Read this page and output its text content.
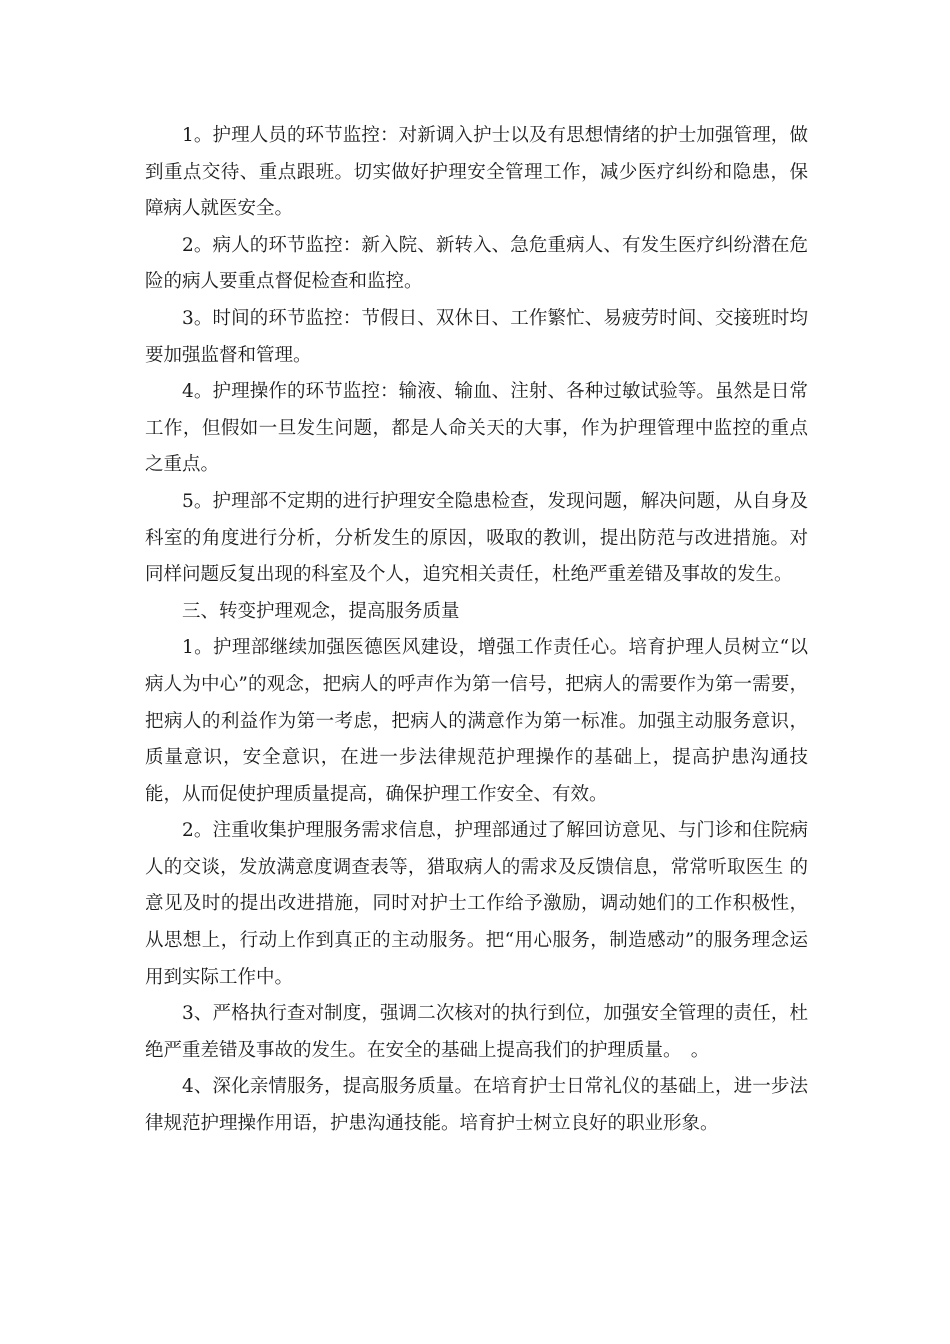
1。护理人员的环节监控：对新调入护士以及有思想情绪的护士加强管理，做到重点交待、重点跟班。切实做好护理安全管理工作，减少医疗纠纷和隐患，保障病人就医安全。

2。病人的环节监控：新入院、新转入、急危重病人、有发生医疗纠纷潜在危险的病人要重点督促检查和监控。

3。时间的环节监控：节假日、双休日、工作繁忙、易疲劳时间、交接班时均要加强监督和管理。

4。护理操作的环节监控：输液、输血、注射、各种过敏试验等。虽然是日常工作，但假如一旦发生问题，都是人命关天的大事，作为护理管理中监控的重点之重点。

5。护理部不定期的进行护理安全隐患检查，发现问题，解决问题，从自身及科室的角度进行分析，分析发生的原因，吸取的教训，提出防范与改进措施。对同样问题反复出现的科室及个人，追究相关责任，杜绝严重差错及事故的发生。

三、转变护理观念，提高服务质量

1。护理部继续加强医德医风建设，增强工作责任心。培育护理人员树立“以病人为中心”的观念，把病人的呼声作为第一信号，把病人的需要作为第一需要，把病人的利益作为第一考虑，把病人的满意作为第一标准。加强主动服务意识，质量意识，安全意识，在进一步法律规范护理操作的基础上，提高护患沟通技能，从而促使护理质量提高，确保护理工作安全、有效。

2。注重收集护理服务需求信息，护理部通过了解回访意见、与门诊和住院病人的交谈，发放满意度调查表等，猎取病人的需求及反馈信息，常常听取医生 的意见及时的提出改进措施，同时对护士工作给予激励，调动她们的工作积极性，从思想上，行动上作到真正的主动服务。把“用心服务，制造感动”的服务理念运用到实际工作中。

3、严格执行查对制度，强调二次核对的执行到位，加强安全管理的责任，杜绝严重差错及事故的发生。在安全的基础上提高我们的护理质量。　。

4、深化亲情服务，提高服务质量。在培育护士日常礼仪的基础上，进一步法律规范护理操作用语，护患沟通技能。培育护士树立良好的职业形象。
